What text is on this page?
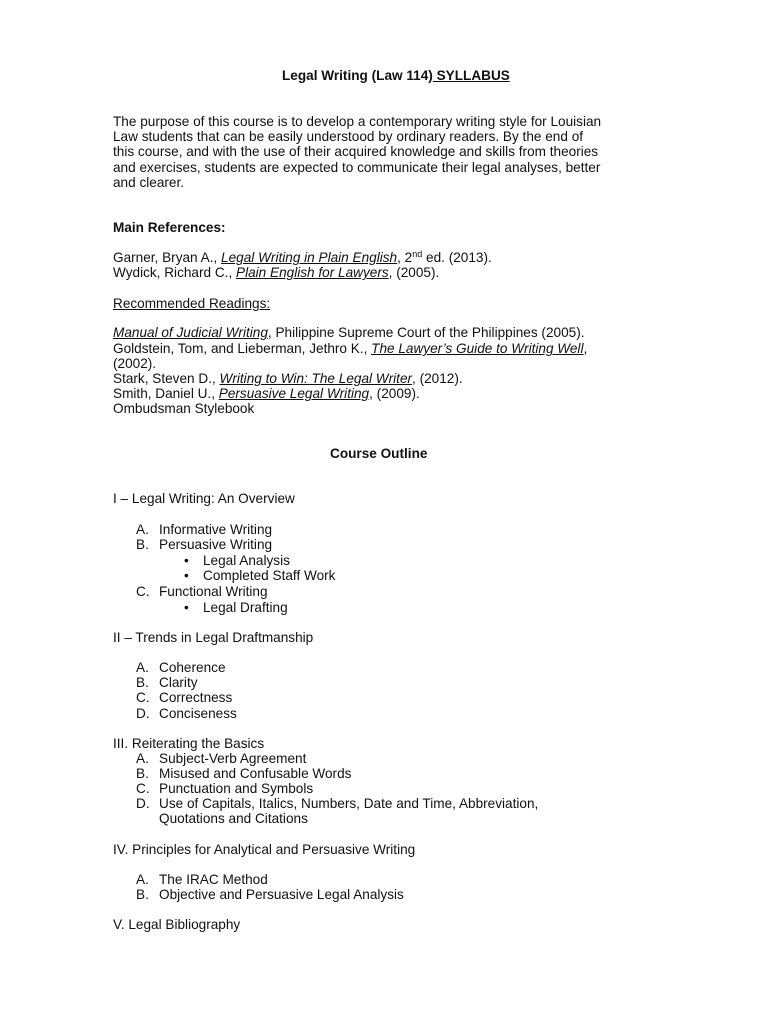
Legal Writing (Law 114) SYLLABUS
The purpose of this course is to develop a contemporary writing style for Louisian
Law students that can be easily understood by ordinary readers. By the end of
this course, and with the use of their acquired knowledge and skills from theories
and exercises, students are expected to communicate their legal analyses, better
and clearer.
Main References:
Garner, Bryan A., Legal Writing in Plain English, 2nd ed. (2013).
Wydick, Richard C., Plain English for Lawyers, (2005).
Recommended Readings:
Manual of Judicial Writing, Philippine Supreme Court of the Philippines (2005).
Goldstein, Tom, and Lieberman, Jethro K., The Lawyer’s Guide to Writing Well,
(2002).
Stark, Steven D., Writing to Win: The Legal Writer, (2012).
Smith, Daniel U., Persuasive Legal Writing, (2009).
Ombudsman Stylebook
Course Outline
I – Legal Writing: An Overview
A. Informative Writing
B. Persuasive Writing
• Legal Analysis
• Completed Staff Work
C. Functional Writing
• Legal Drafting
II – Trends in Legal Draftmanship
A. Coherence
B. Clarity
C. Correctness
D. Conciseness
III. Reiterating the Basics
A. Subject-Verb Agreement
B. Misused and Confusable Words
C. Punctuation and Symbols
D. Use of Capitals, Italics, Numbers, Date and Time, Abbreviation,
Quotations and Citations
IV. Principles for Analytical and Persuasive Writing
A. The IRAC Method
B. Objective and Persuasive Legal Analysis
V. Legal Bibliography
